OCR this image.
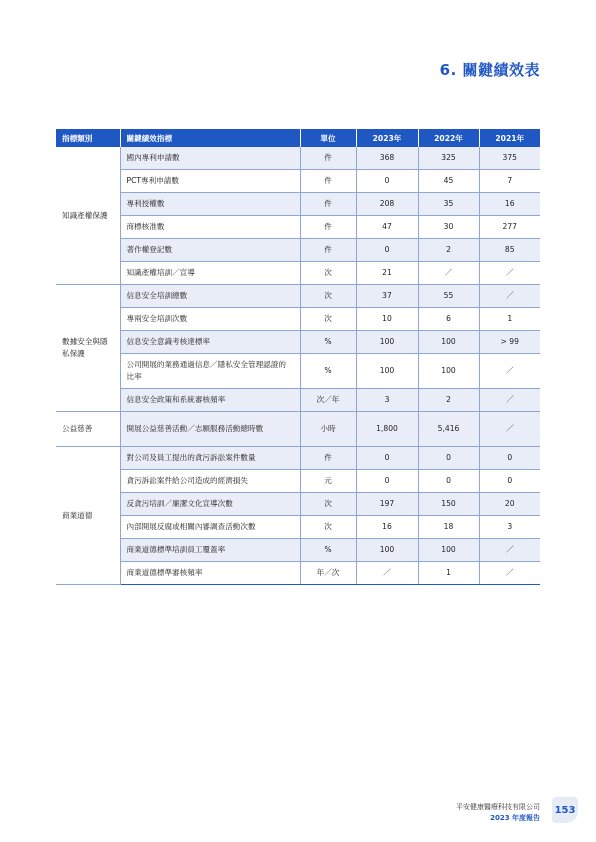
6. 關鍵績效表
指標類別	關鍵績效指標	單位	2023年	2022年	2021年
知識產權保護	國內專利申請數	件	368	325	375
	PCT專利申請數	件	0	45	7
	專利授權數	件	208	35	16
	商標核准數	件	47	30	277
	著作權登記數	件	0	2	85
	知識產權培訓／宣導	次	21	／	／
數據安全與隱私保護	信息安全培訓總數	次	37	55	／
	專兩安全培訓次數	次	10	6	1
	信息安全意識考核達標率	%	100	100	> 99
	公司開展的業務通過信息／隱私安全管理認證的比率	%	100	100	／
	信息安全政策和系統審核頻率	次／年	3	2	／
公益慈善	開展公益慈善活動／志願服務活動總時數	小時	1,800	5,416	／
商業道德	對公司及員工提出的貪污訴訟案件數量	件	0	0	0
	貪污訴訟案件給公司造成的經濟損失	元	0	0	0
	反貪污培訓／廉潔文化宣導次數	次	197	150	20
	內部開展反腐或相關內審調查活動次數	次	16	18	3
	商業道德標準培訓員工覆蓋率	%	100	100	／
	商業道德標準審核頻率	年／次	／	1	／
平安健康醫療科技有限公司
2023 年度報告
153
